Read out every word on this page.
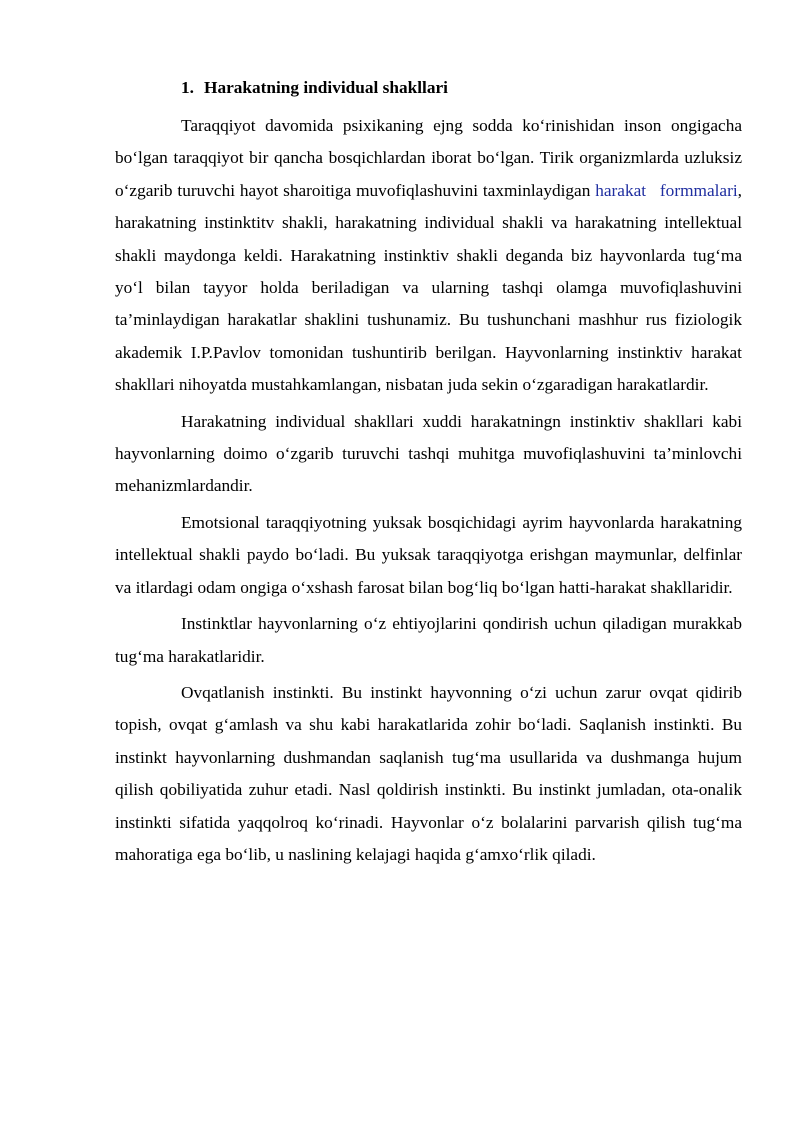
1. Harakatning individual shakllari

Taraqqiyot davomida psixikaning ejng sodda ko‘rinishidan inson ongigacha bo‘lgan taraqqiyot bir qancha bosqichlardan iborat bo‘lgan. Tirik organizmlarda uzluksiz o‘zgarib turuvchi hayot sharoitiga muvofiqlashuvini taxminlaydigan harakat formmalari, harakatning instinktitv shakli, harakatning individual shakli va harakatning intellektual shakli maydonga keldi. Harakatning instinktiv shakli deganda biz hayvonlarda tug‘ma yo‘l bilan tayyor holda beriladigan va ularning tashqi olamga muvofiqlashuvini ta’minlaydigan harakatlar shaklini tushunamiz. Bu tushunchani mashhur rus fiziologik akademik I.P.Pavlov tomonidan tushuntirib berilgan. Hayvonlarning instinktiv harakat shakllari nihoyatda mustahkamlangan, nisbatan juda sekin o‘zgaradigan harakatlardir.

Harakatning individual shakllari xuddi harakatningn instinktiv shakllari kabi hayvonlarning doimo o‘zgarib turuvchi tashqi muhitga muvofiqlashuvini ta’minlovchi mehanizmlardandir.

Emotsional taraqqiyotning yuksak bosqichidagi ayrim hayvonlarda harakatning intellektual shakli paydo bo‘ladi. Bu yuksak taraqqiyotga erishgan maymunlar, delfinlar va itlardagi odam ongiga o‘xshash farosat bilan bog‘liq bo‘lgan hatti-harakat shakllaridir.

Instinktlar hayvonlarning o‘z ehtiyojlarini qondirish uchun qiladigan murakkab tug‘ma harakatlaridir.

Ovqatlanish instinkti. Bu instinkt hayvonning o‘zi uchun zarur ovqat qidirib topish, ovqat g‘amlash va shu kabi harakatlarida zohir bo‘ladi. Saqlanish instinkti. Bu instinkt hayvonlarning dushmandan saqlanish tug‘ma usullarida va dushmanga hujum qilish qobiliyatida zuhur etadi. Nasl qoldirish instinkti. Bu instinkt jumladan, ota-onalik instinkti sifatida yaqqolroq ko‘rinadi. Hayvonlar o‘z bolalarini parvarish qilish tug‘ma mahoratiga ega bo‘lib, u naslining kelajagi haqida g‘amxo‘rlik qiladi.
